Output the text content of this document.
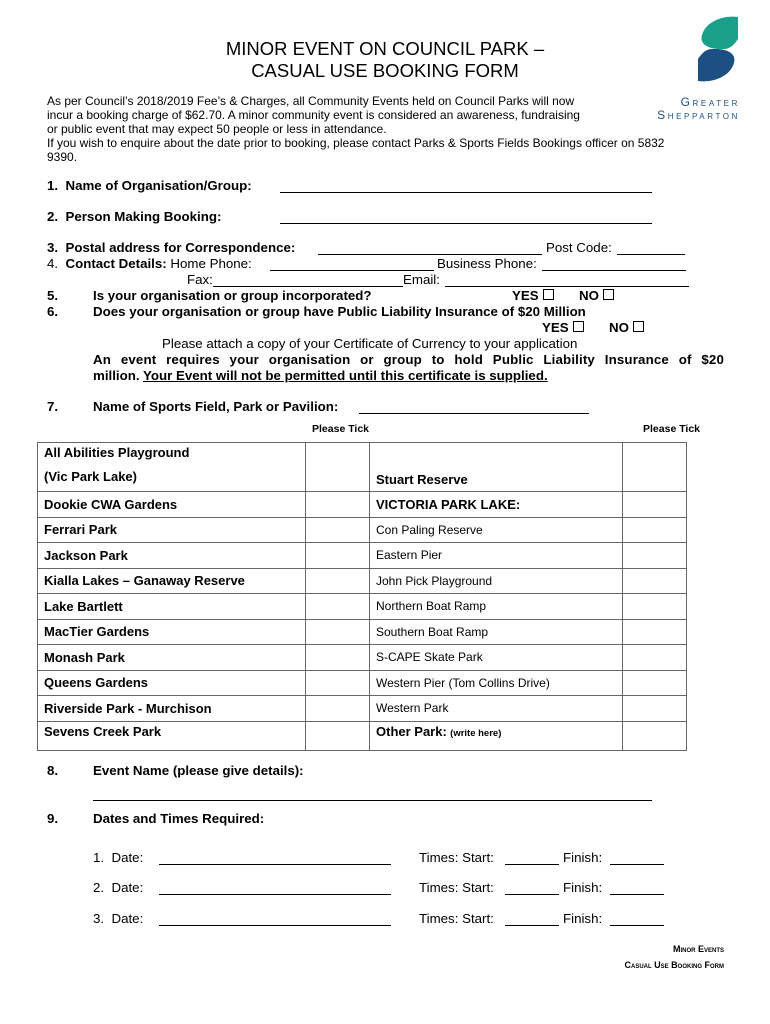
MINOR EVENT ON COUNCIL PARK –
CASUAL USE BOOKING FORM
Greater
Shepparton
As per Council’s 2018/2019 Fee’s & Charges, all Community Events held on Council Parks will now
incur a booking charge of $62.70. A minor community event is considered an awareness, fundraising
or public event that may expect 50 people or less in attendance.
If you wish to enquire about the date prior to booking, please contact Parks & Sports Fields Bookings officer on 5832
9390.
1. Name of Organisation/Group:
2. Person Making Booking:
3. Postal address for Correspondence:	Post Code:
4. Contact Details: Home Phone:	Business Phone:
Fax:	Email:
5.	Is your organisation or group incorporated?	YES	NO
6.	Does your organisation or group have Public Liability Insurance of $20 Million
YES	NO
Please attach a copy of your Certificate of Currency to your application
An event requires your organisation or group to hold Public Liability Insurance of $20
million. Your Event will not be permitted until this certificate is supplied.
7.	Name of Sports Field, Park or Pavilion:
Please Tick	Please Tick
All Abilities Playground
(Vic Park Lake)		Stuart Reserve	
Dookie CWA Gardens		VICTORIA PARK LAKE:	
Ferrari Park		Con Paling Reserve	
Jackson Park		Eastern Pier	
Kialla Lakes – Ganaway Reserve		John Pick Playground	
Lake Bartlett		Northern Boat Ramp	
MacTier Gardens		Southern Boat Ramp	
Monash Park		S-CAPE Skate Park	
Queens Gardens		Western Pier (Tom Collins Drive)	
Riverside Park - Murchison		Western Park	
Sevens Creek Park		Other Park: (write here)	
8.	Event Name (please give details):
9.	Dates and Times Required:
1. Date:	Times: Start:	Finish:
2. Date:	Times: Start:	Finish:
3. Date:	Times: Start:	Finish:
Minor Events
Casual Use Booking Form
